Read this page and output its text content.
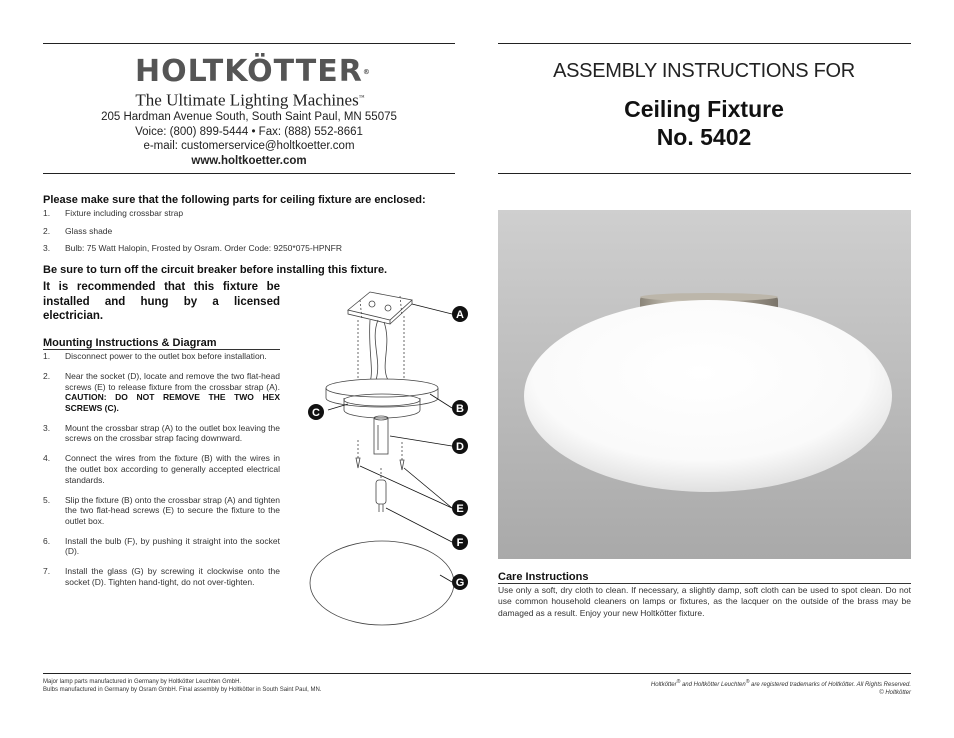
HOLTKÖTTER®
The Ultimate Lighting Machines™
205 Hardman Avenue South, South Saint Paul, MN 55075
Voice: (800) 899-5444 • Fax: (888) 552-8661
e-mail: customerservice@holtkoetter.com
www.holtkoetter.com
ASSEMBLY INSTRUCTIONS FOR
Ceiling Fixture
No. 5402
Please make sure that the following parts for ceiling fixture are enclosed:
1.	Fixture including crossbar strap
2.	Glass shade
3.	Bulb: 75 Watt Halopin, Frosted by Osram. Order Code: 9250*075-HPNFR
Be sure to turn off the circuit breaker before installing this fixture.
It is recommended that this fixture be installed and hung by a licensed electrician.
Mounting Instructions & Diagram
1.	Disconnect power to the outlet box before installation.
2.	Near the socket (D), locate and remove the two flat-head screws (E) to release fixture from the crossbar strap (A). CAUTION: DO NOT REMOVE THE TWO HEX SCREWS (C).
3.	Mount the crossbar strap (A) to the outlet box leaving the screws on the crossbar strap facing downward.
4.	Connect the wires from the fixture (B) with the wires in the outlet box according to generally accepted electrical standards.
5.	Slip the fixture (B) onto the crossbar strap (A) and tighten the two flat-head screws (E) to secure the fixture to the outlet box.
6.	Install the bulb (F), by pushing it straight into the socket (D).
7.	Install the glass (G) by screwing it clockwise onto the socket (D). Tighten hand-tight, do not over-tighten.
A
B
C
D
E
F
G	Care Instructions
Use only a soft, dry cloth to clean. If necessary, a slightly damp, soft cloth can be used to spot clean. Do not use common household cleaners on lamps or fixtures, as the lacquer on the outside of the brass may be damaged as a result. Enjoy your new Holtkötter fixture.
Major lamp parts manufactured in Germany by Holtkötter Leuchten GmbH.
Bulbs manufactured in Germany by Osram GmbH. Final assembly by Holtkötter in South Saint Paul, MN.
Holtkötter® and Holtkötter Leuchten® are registered trademarks of Holtkötter. All Rights Reserved.
© Holtkötter
